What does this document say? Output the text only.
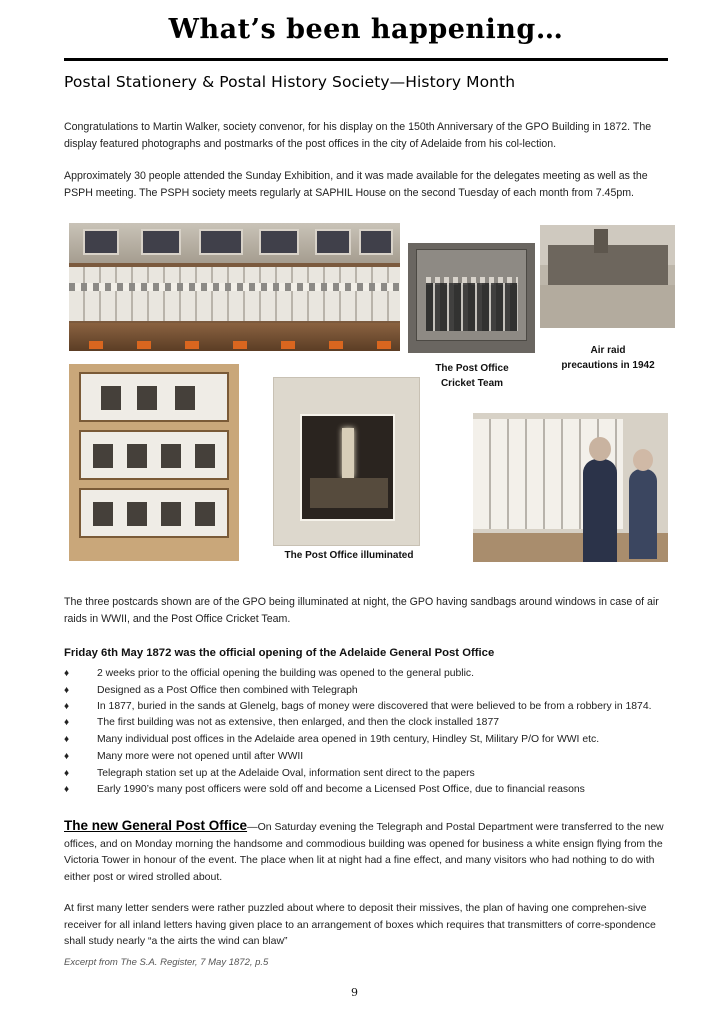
What’s been happening…
Postal Stationery & Postal History Society—History Month

Congratulations to Martin Walker, society convenor, for his display on the 150th Anniversary of the GPO Building in 1872. The display featured photographs and postmarks of the post offices in the city of Adelaide from his col-lection.

Approximately 30 people attended the Sunday Exhibition, and it was made available for the delegates meeting as well as the PSPH meeting. The PSPH society meets regularly at SAPHIL House on the second Tuesday of each month from 7.45pm.

The Post Office
Cricket Team
Air raid
precautions in 1942
The Post Office illuminated

The three postcards shown are of the GPO being illuminated at night, the GPO having sandbags around windows in case of air raids in WWII, and the Post Office Cricket Team.

Friday 6th May 1872 was the official opening of the Adelaide General Post Office
♦	2 weeks prior to the official opening the building was opened to the general public.
♦	Designed as a Post Office then combined with Telegraph
♦	In 1877, buried in the sands at Glenelg, bags of money were discovered that were believed to be from a robbery in 1874.
♦	The first building was not as extensive, then enlarged, and then the clock installed 1877
♦	Many individual post offices in the Adelaide area opened in 19th century, Hindley St, Military P/O for WWI etc.
♦	Many more were not opened until after WWII
♦	Telegraph station set up at the Adelaide Oval, information sent direct to the papers
♦	Early 1990’s many post officers were sold off and become a Licensed Post Office, due to financial reasons

The new General Post Office—On Saturday evening the Telegraph and Postal Department were transferred to the new offices, and on Monday morning the handsome and commodious building was opened for business a white ensign flying from the Victoria Tower in honour of the event. The place when lit at night had a fine effect, and many visitors who had nothing to do with either post or wired strolled about.

At first many letter senders were rather puzzled about where to deposit their missives, the plan of having one comprehen-sive receiver for all inland letters having given place to an arrangement of boxes which requires that transmitters of corre-spondence shall study nearly “a the airts the wind can blaw”

Excerpt from The S.A. Register, 7 May 1872, p.5
9
